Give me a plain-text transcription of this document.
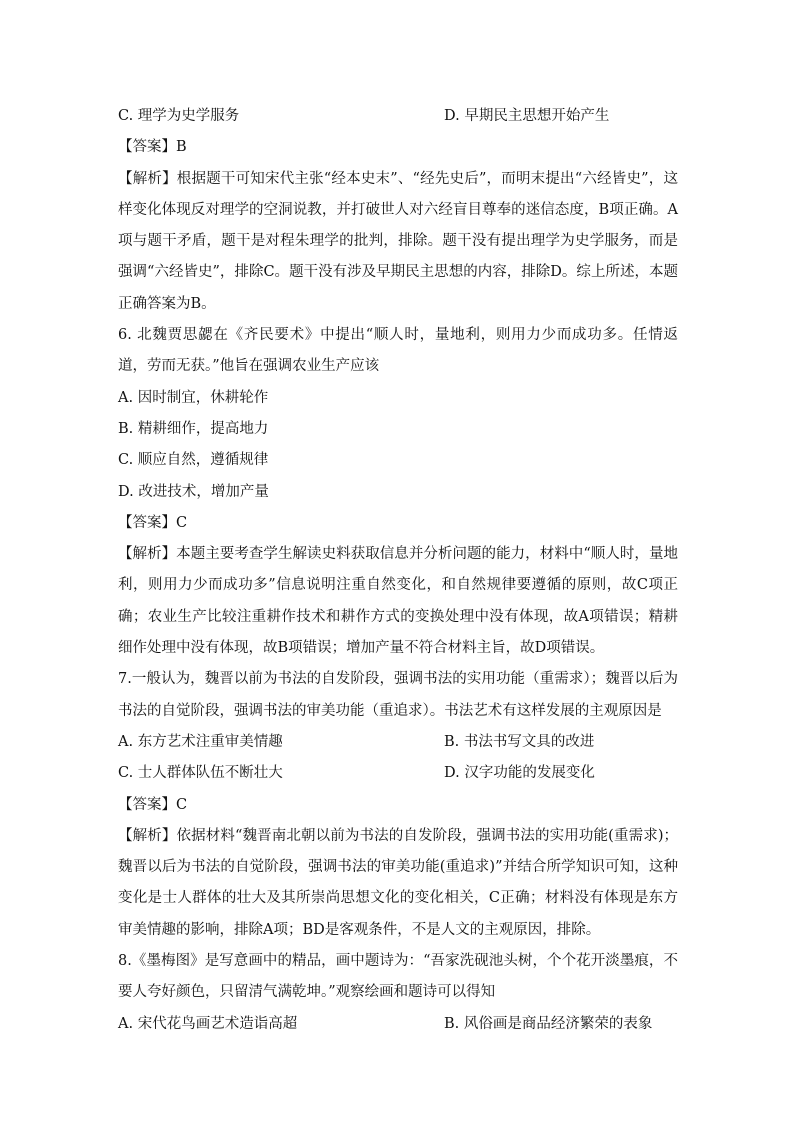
C. 理学为史学服务	D. 早期民主思想开始产生
【答案】B
【解析】根据题干可知宋代主张“经本史末”、“经先史后”，而明末提出“六经皆史”，这样变化体现反对理学的空洞说教，并打破世人对六经盲目尊奉的迷信态度，B项正确。A项与题干矛盾，题干是对程朱理学的批判，排除。题干没有提出理学为史学服务，而是强调“六经皆史”，排除C。题干没有涉及早期民主思想的内容，排除D。综上所述，本题正确答案为B。
6. 北魏贾思勰在《齐民要术》中提出“顺人时，量地利，则用力少而成功多。任情返道，劳而无获。”他旨在强调农业生产应该
A. 因时制宜，休耕轮作
B. 精耕细作，提高地力
C. 顺应自然，遵循规律
D. 改进技术，增加产量
【答案】C
【解析】本题主要考查学生解读史料获取信息并分析问题的能力，材料中“顺人时，量地利，则用力少而成功多”信息说明注重自然变化，和自然规律要遵循的原则，故C项正确；农业生产比较注重耕作技术和耕作方式的变换处理中没有体现，故A项错误；精耕细作处理中没有体现，故B项错误；增加产量不符合材料主旨，故D项错误。
7.一般认为，魏晋以前为书法的自发阶段，强调书法的实用功能（重需求）；魏晋以后为书法的自觉阶段，强调书法的审美功能（重追求）。书法艺术有这样发展的主观原因是
A. 东方艺术注重审美情趣	B. 书法书写文具的改进
C. 士人群体队伍不断壮大	D. 汉字功能的发展变化
【答案】C
【解析】依据材料“魏晋南北朝以前为书法的自发阶段，强调书法的实用功能(重需求)；魏晋以后为书法的自觉阶段，强调书法的审美功能(重追求)”并结合所学知识可知，这种变化是士人群体的壮大及其所崇尚思想文化的变化相关，C正确；材料没有体现是东方审美情趣的影响，排除A项；BD是客观条件，不是人文的主观原因，排除。
8.《墨梅图》是写意画中的精品，画中题诗为：“吾家洗砚池头树，个个花开淡墨痕，不要人夸好颜色，只留清气满乾坤。”观察绘画和题诗可以得知
A. 宋代花鸟画艺术造诣高超	B. 风俗画是商品经济繁荣的表象
